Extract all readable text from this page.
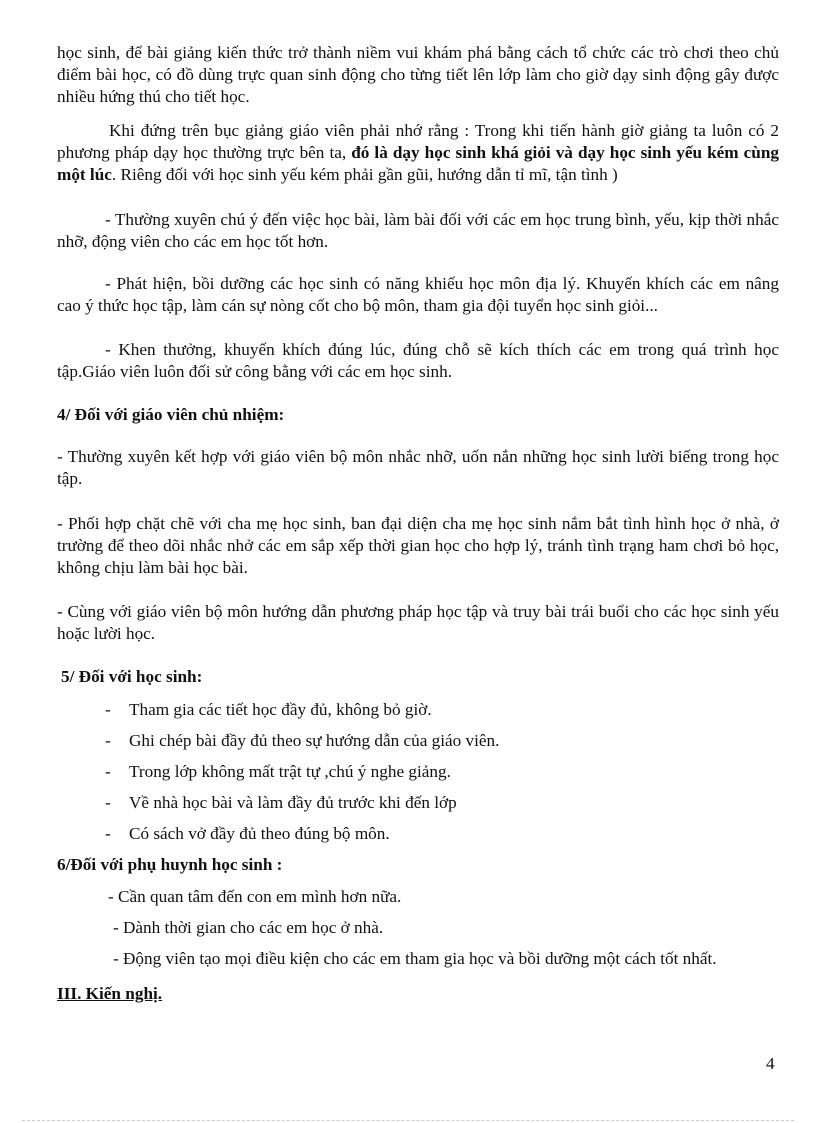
học sinh, để bài giảng kiến thức trở thành niềm vui khám phá bằng cách tổ chức các trò chơi theo chủ điểm bài học, có đồ dùng trực quan sinh động cho từng tiết lên lớp làm cho giờ dạy sinh động gây được nhiều hứng thú cho tiết học.

Khi đứng trên bục giảng giáo viên phải nhớ rằng : Trong khi tiến hành giờ giảng ta luôn có 2 phương pháp dạy học thường trực bên ta, đó là dạy học sinh khá giỏi và dạy học sinh yếu kém cùng một lúc. Riêng đối với học sinh yếu kém phải gần gũi, hướng dẫn tỉ mĩ, tận tình )

- Thường xuyên chú ý đến việc học bài, làm bài đối với các em học trung bình, yếu, kịp thời nhắc nhỡ, động viên cho các em học tốt hơn.

- Phát hiện, bồi dưỡng các học sinh có năng khiếu học môn địa lý. Khuyến khích các em nâng cao ý thức học tập, làm cán sự nòng cốt cho bộ môn, tham gia đội tuyển học sinh giỏi...

- Khen thưởng, khuyến khích đúng lúc, đúng chỗ sẽ kích thích các em trong quá trình học tập.Giáo viên luôn đối sử công bằng với các em học sinh.

4/ Đối với giáo viên chủ nhiệm:

- Thường xuyên kết hợp với giáo viên bộ môn nhắc nhỡ, uốn nắn những học sinh lười biếng trong học tập.

- Phối hợp chặt chẽ với cha mẹ học sinh, ban đại diện cha mẹ học sinh nắm bắt tình hình học ở nhà, ở trường để theo dõi nhắc nhở các em sắp xếp thời gian học cho hợp lý, tránh tình trạng ham chơi bỏ học, không chịu làm bài học bài.

- Cùng với giáo viên bộ môn hướng dẫn phương pháp học tập và truy bài trái buổi cho các học sinh yếu hoặc lười học.

5/ Đối với học sinh:
- Tham gia các tiết học đầy đủ, không bỏ giờ.
- Ghi chép bài đầy đủ theo sự hướng dẫn của giáo viên.
- Trong lớp không mất trật tự ,chú ý nghe giảng.
- Về nhà học bài và làm đầy đủ trước khi đến lớp
- Có sách vở đầy đủ theo đúng bộ môn.
6/Đối với phụ huynh học sinh :
- Cần quan tâm đến con em mình hơn nữa.
- Dành thời gian cho các em học ở nhà.
- Động viên tạo mọi điều kiện cho các em tham gia học và bồi dưỡng một cách tốt nhất.
III. Kiến nghị.
4
